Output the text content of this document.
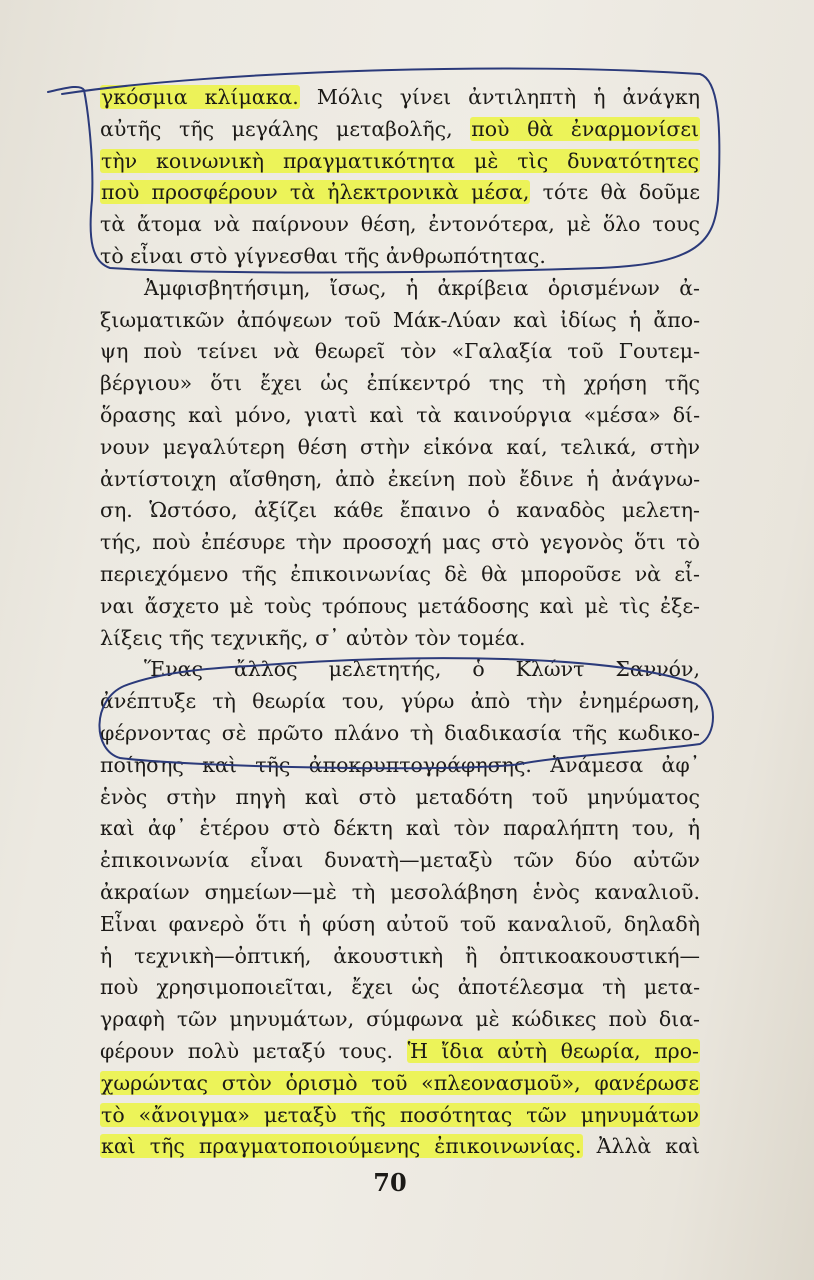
γκόσμια κλίμακα. Μόλις γίνει ἀντιληπτὴ ἡ ἀνάγκη
αὐτῆς τῆς μεγάλης μεταβολῆς, ποὺ θὰ ἐναρμονίσει
τὴν κοινωνικὴ πραγματικότητα μὲ τὶς δυνατότητες
ποὺ προσφέρουν τὰ ἠλεκτρονικὰ μέσα, τότε θὰ δοῦμε
τὰ ἄτομα νὰ παίρνουν θέση, ἐντονότερα, μὲ ὅλο τους
τὸ εἶναι στὸ γίγνεσθαι τῆς ἀνθρωπότητας.
Ἀμφισβητήσιμη, ἴσως, ἡ ἀκρίβεια ὁρισμένων ἀ-
ξιωματικῶν ἀπόψεων τοῦ Μάκ-Λύαν καὶ ἰδίως ἡ ἄπο-
ψη ποὺ τείνει νὰ θεωρεῖ τὸν «Γαλαξία τοῦ Γουτεμ-
βέργιου» ὅτι ἔχει ὡς ἐπίκεντρό της τὴ χρήση τῆς
ὅρασης καὶ μόνο, γιατὶ καὶ τὰ καινούργια «μέσα» δί-
νουν μεγαλύτερη θέση στὴν εἰκόνα καί, τελικά, στὴν
ἀντίστοιχη αἴσθηση, ἀπὸ ἐκείνη ποὺ ἔδινε ἡ ἀνάγνω-
ση. Ὡστόσο, ἀξίζει κάθε ἔπαινο ὁ καναδὸς μελετη-
τής, ποὺ ἐπέσυρε τὴν προσοχή μας στὸ γεγονὸς ὅτι τὸ
περιεχόμενο τῆς ἐπικοινωνίας δὲ θὰ μποροῦσε νὰ εἶ-
ναι ἄσχετο μὲ τοὺς τρόπους μετάδοσης καὶ μὲ τὶς ἐξε-
λίξεις τῆς τεχνικῆς, σ᾽ αὐτὸν τὸν τομέα.
Ἕνας ἄλλος μελετητής, ὁ Κλώντ Σαννόν,
ἀνέπτυξε τὴ θεωρία του, γύρω ἀπὸ τὴν ἐνημέρωση,
φέρνοντας σὲ πρῶτο πλάνο τὴ διαδικασία τῆς κωδικο-
ποίησης καὶ τῆς ἀποκρυπτογράφησης. Ἀνάμεσα ἀφ᾽
ἑνὸς στὴν πηγὴ καὶ στὸ μεταδότη τοῦ μηνύματος
καὶ ἀφ᾽ ἑτέρου στὸ δέκτη καὶ τὸν παραλήπτη του, ἡ
ἐπικοινωνία εἶναι δυνατὴ—μεταξὺ τῶν δύο αὐτῶν
ἀκραίων σημείων—μὲ τὴ μεσολάβηση ἑνὸς καναλιοῦ.
Εἶναι φανερὸ ὅτι ἡ φύση αὐτοῦ τοῦ καναλιοῦ, δηλαδὴ
ἡ τεχνικὴ—ὀπτική, ἀκουστικὴ ἢ ὀπτικοακουστική—
ποὺ χρησιμοποιεῖται, ἔχει ὡς ἀποτέλεσμα τὴ μετα-
γραφὴ τῶν μηνυμάτων, σύμφωνα μὲ κώδικες ποὺ δια-
φέρουν πολὺ μεταξύ τους. Ἡ ἴδια αὐτὴ θεωρία, προ-
χωρώντας στὸν ὁρισμὸ τοῦ «πλεονασμοῦ», φανέρωσε
τὸ «ἄνοιγμα» μεταξὺ τῆς ποσότητας τῶν μηνυμάτων
καὶ τῆς πραγματοποιούμενης ἐπικοινωνίας. Ἀλλὰ καὶ
70
